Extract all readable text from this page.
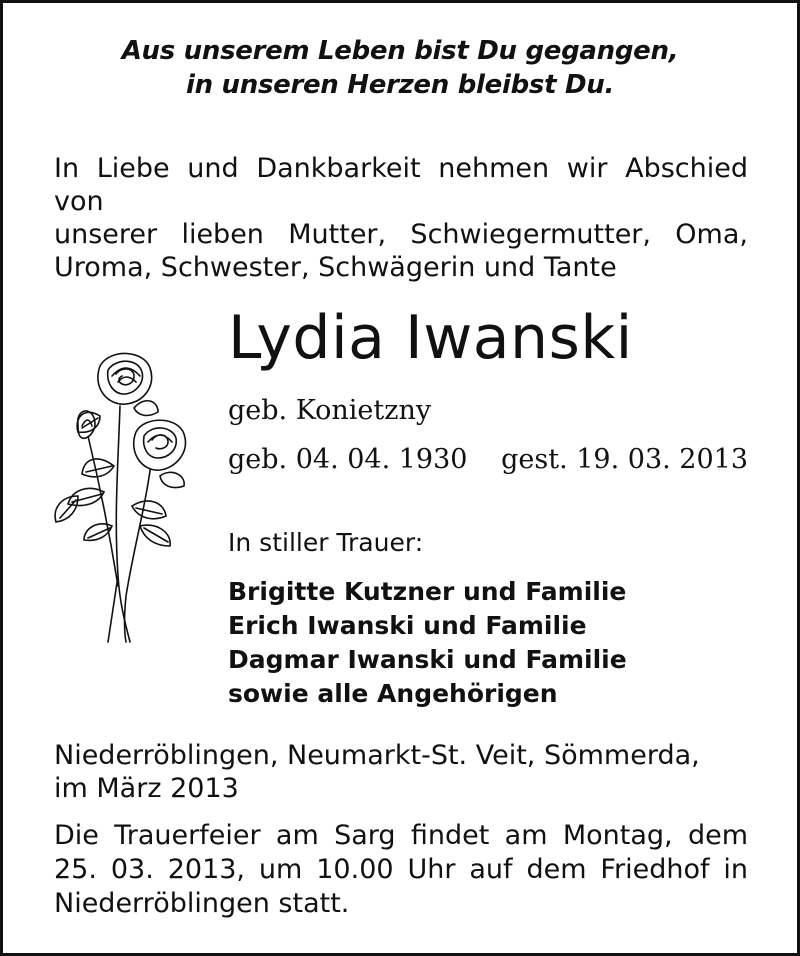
Aus unserem Leben bist Du gegangen,
in unseren Herzen bleibst Du.
In Liebe und Dankbarkeit nehmen wir Abschied von
unserer lieben Mutter, Schwiegermutter, Oma,
Uroma, Schwester, Schwägerin und Tante
Lydia Iwanski
geb. Konietzny
geb. 04. 04. 1930 gest. 19. 03. 2013
In stiller Trauer:
Brigitte Kutzner und Familie
Erich Iwanski und Familie
Dagmar Iwanski und Familie
sowie alle Angehörigen
Niederröblingen, Neumarkt-St. Veit, Sömmerda,
im März 2013
Die Trauerfeier am Sarg findet am Montag, dem
25. 03. 2013, um 10.00 Uhr auf dem Friedhof in
Niederröblingen statt.
